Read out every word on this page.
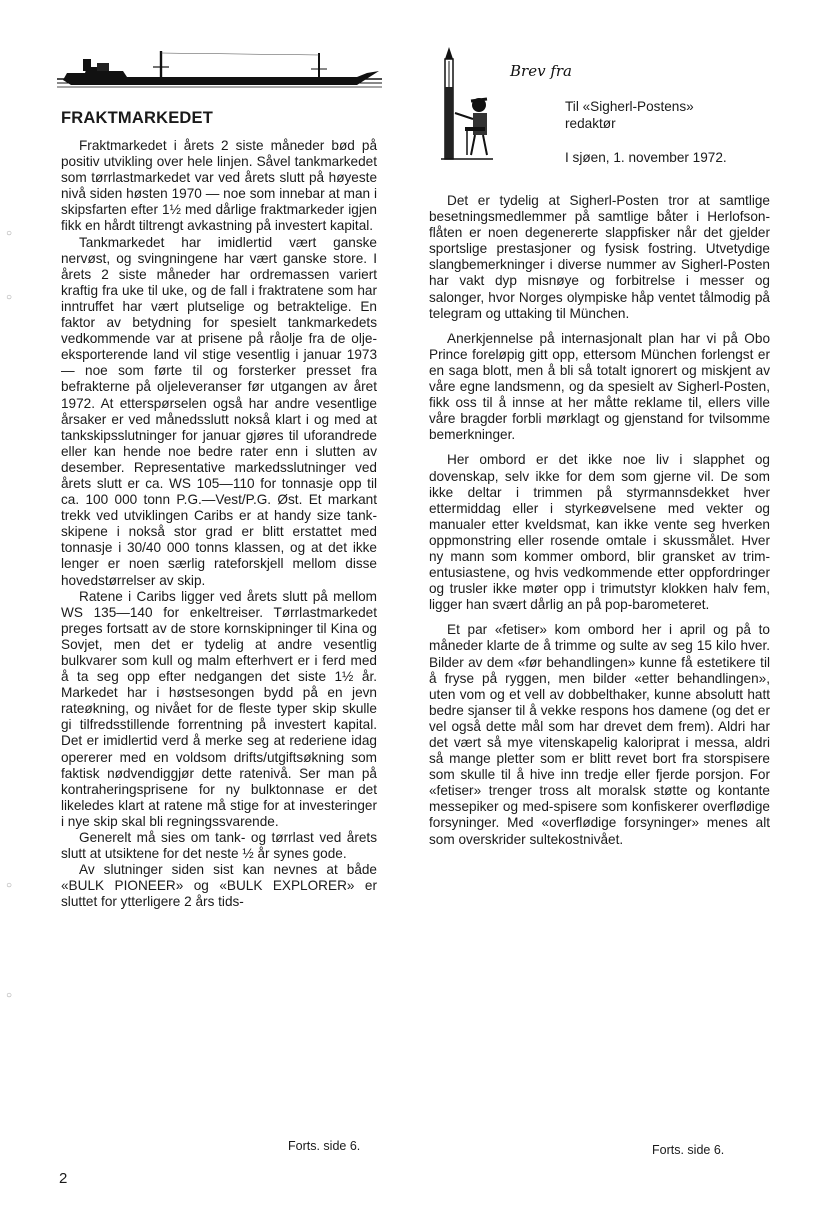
FRAKTMARKEDET

Fraktmarkedet i årets 2 siste måneder bød på positiv utvikling over hele linjen. Såvel tankmarkedet som tørrlastmarkedet var ved årets slutt på høyeste nivå siden høsten 1970 — noe som innebar at man i skipsfarten efter 1½ med dårlige fraktmarkeder igjen fikk en hårdt tiltrengt avkastning på investert kapital.

Tankmarkedet har imidlertid vært ganske nervøst, og svingningene har vært ganske store. I årets 2 siste måneder har ordremassen variert kraftig fra uke til uke, og de fall i fraktratene som har inntruffet har vært plutselige og betraktelige. En faktor av betydning for spesielt tankmarkedets vedkommende var at prisene på råolje fra de oljeeksporterende land vil stige vesentlig i januar 1973 — noe som førte til og forsterker presset fra befrakterne på oljeleveranser før utgangen av året 1972. At etterspørselen også har andre vesentlige årsaker er ved månedsslutt nokså klart i og med at tankskipsslutninger for januar gjøres til uforandrede eller kan hende noe bedre rater enn i slutten av desember. Representative markedsslutninger ved årets slutt er ca. WS 105—110 for tonnasje opp til ca. 100 000 tonn P.G.—Vest/P.G. Øst. Et markant trekk ved utviklingen Caribs er at handy size tankskipene i nokså stor grad er blitt erstattet med tonnasje i 30/40 000 tonns klassen, og at det ikke lenger er noen særlig rateforskjell mellom disse hovedstørrelser av skip.

Ratene i Caribs ligger ved årets slutt på mellom WS 135—140 for enkeltreiser. Tørrlastmarkedet preges fortsatt av de store kornskipninger til Kina og Sovjet, men det er tydelig at andre vesentlig bulkvarer som kull og malm efterhvert er i ferd med å ta seg opp efter nedgangen det siste 1½ år. Markedet har i høstsesongen bydd på en jevn rateøkning, og nivået for de fleste typer skip skulle gi tilfredsstillende forrentning på investert kapital. Det er imidlertid verd å merke seg at rederiene idag opererer med en voldsom drifts/utgiftsøkning som faktisk nødvendiggjør dette ratenivå. Ser man på kontraheringsprisene for ny bulktonnase er det likeledes klart at ratene må stige for at investeringer i nye skip skal bli regningssvarende.

Generelt må sies om tank- og tørrlast ved årets slutt at utsiktene for det neste ½ år synes gode.

Av slutninger siden sist kan nevnes at både «BULK PIONEER» og «BULK EXPLORER» er sluttet for ytterligere 2 års tids-

Brev fra
Til «Sigherl-Postens»
redaktør
I sjøen, 1. november 1972.

Det er tydelig at Sigherl-Posten tror at samtlige besetningsmedlemmer på samtlige båter i Herlofson-flåten er noen degenererte slappfisker når det gjelder sportslige prestasjoner og fysisk fostring. Utvetydige slangbemerkninger i diverse nummer av Sigherl-Posten har vakt dyp misnøye og forbitrelse i messer og salonger, hvor Norges olympiske håp ventet tålmodig på telegram og uttaking til München.

Anerkjennelse på internasjonalt plan har vi på Obo Prince foreløpig gitt opp, ettersom München forlengst er en saga blott, men å bli så totalt ignorert og miskjent av våre egne landsmenn, og da spesielt av Sigherl-Posten, fikk oss til å innse at her måtte reklame til, ellers ville våre bragder forbli mørklagt og gjenstand for tvilsomme bemerkninger.

Her ombord er det ikke noe liv i slapphet og dovenskap, selv ikke for dem som gjerne vil. De som ikke deltar i trimmen på styrmannsdekket hver ettermiddag eller i styrkeøvelsene med vekter og manualer etter kveldsmat, kan ikke vente seg hverken oppmonstring eller rosende omtale i skussmålet. Hver ny mann som kommer ombord, blir gransket av trim-entusiastene, og hvis vedkommende etter oppfordringer og trusler ikke møter opp i trimutstyr klokken halv fem, ligger han svært dårlig an på pop-barometeret.

Et par «fetiser» kom ombord her i april og på to måneder klarte de å trimme og sulte av seg 15 kilo hver. Bilder av dem «før behandlingen» kunne få estetikere til å fryse på ryggen, men bilder «etter behandlingen», uten vom og et vell av dobbelthaker, kunne absolutt hatt bedre sjanser til å vekke respons hos damene (og det er vel også dette mål som har drevet dem frem). Aldri har det vært så mye vitenskapelig kalorіprat i messa, aldri så mange pletter som er blitt revet bort fra storspisere som skulle til å hive inn tredje eller fjerde porsjon. For «fetiser» trenger tross alt moralsk støtte og kontante messepiker og med-spisere som konfiskerer overflødige forsyninger. Med «overflødige forsyninger» menes alt som overskrider sultekostnivået.

Forts. side 6.	Forts. side 6.
2
○
○
○
○
